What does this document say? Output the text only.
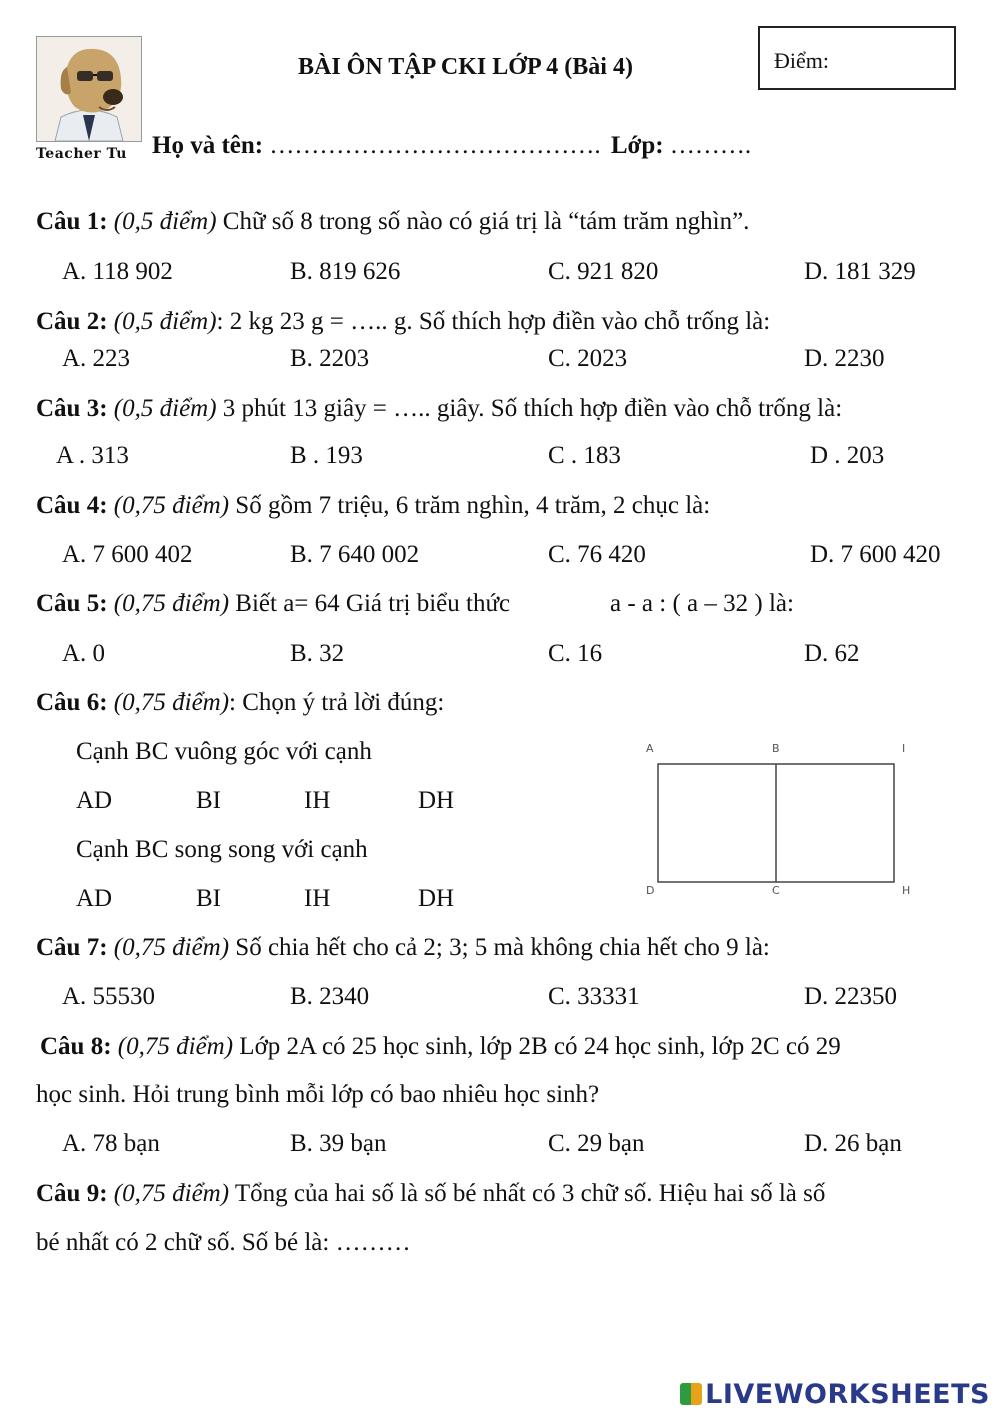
Teacher Tu
BÀI ÔN TẬP CKI LỚP 4 (Bài 4)	Điểm:
Họ và tên: …………………………………. Lớp: ……….
Câu 1: (0,5 điểm) Chữ số 8 trong số nào có giá trị là “tám trăm nghìn”.
A. 118 902	B. 819 626	C. 921 820	D. 181 329
Câu 2: (0,5 điểm): 2 kg 23 g = ….. g. Số thích hợp điền vào chỗ trống là:
A. 223	B. 2203	C. 2023	D. 2230
Câu 3: (0,5 điểm) 3 phút 13 giây = ….. giây. Số thích hợp điền vào chỗ trống là:
A . 313	B . 193	C . 183	D . 203
Câu 4: (0,75 điểm) Số gồm 7 triệu, 6 trăm nghìn, 4 trăm, 2 chục là:
A. 7 600 402	B. 7 640 002	C. 76 420	D. 7 600 420
Câu 5: (0,75 điểm) Biết a= 64 Giá trị biểu thức	a - a : ( a – 32 ) là:
A. 0	B. 32	C. 16	D. 62
Câu 6: (0,75 điểm): Chọn ý trả lời đúng:
Cạnh BC vuông góc với cạnh
AD	BI	IH	DH
Cạnh BC song song với cạnh
AD	BI	IH	DH
A	B	I
D	C	H
Câu 7: (0,75 điểm) Số chia hết cho cả 2; 3; 5 mà không chia hết cho 9 là:
A. 55530	B. 2340	C. 33331	D. 22350
Câu 8: (0,75 điểm) Lớp 2A có 25 học sinh, lớp 2B có 24 học sinh, lớp 2C có 29
học sinh. Hỏi trung bình mỗi lớp có bao nhiêu học sinh?
A. 78 bạn	B. 39 bạn	C. 29 bạn	D. 26 bạn
Câu 9: (0,75 điểm) Tổng của hai số là số bé nhất có 3 chữ số. Hiệu hai số là số
bé nhất có 2 chữ số. Số bé là: ………
LIVEWORKSHEETS
